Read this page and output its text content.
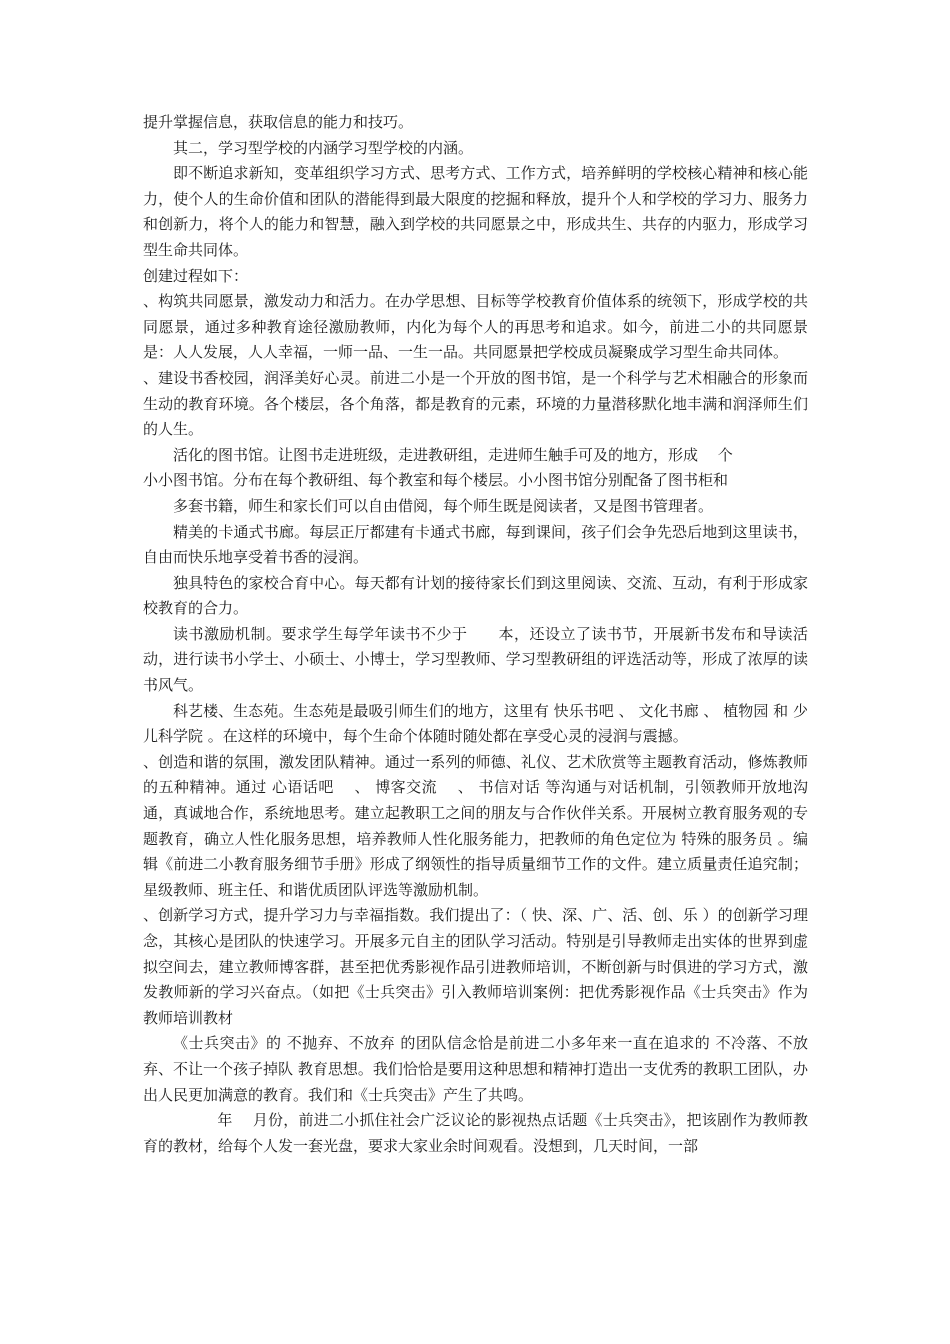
提升掌握信息，获取信息的能力和技巧。

其二，学习型学校的内涵学习型学校的内涵。

即不断追求新知，变革组织学习方式、思考方式、工作方式，培养鲜明的学校核心精神和核心能力，使个人的生命价值和团队的潜能得到最大限度的挖掘和释放，提升个人和学校的学习力、服务力和创新力，将个人的能力和智慧，融入到学校的共同愿景之中，形成共生、共存的内驱力，形成学习型生命共同体。

创建过程如下：

、构筑共同愿景，激发动力和活力。在办学思想、目标等学校教育价值体系的统领下，形成学校的共同愿景，通过多种教育途径激励教师，内化为每个人的再思考和追求。如今，前进二小的共同愿景是：人人发展，人人幸福，一师一品、一生一品。共同愿景把学校成员凝聚成学习型生命共同体。

、建设书香校园，润泽美好心灵。前进二小是一个开放的图书馆，是一个科学与艺术相融合的形象而生动的教育环境。各个楼层，各个角落，都是教育的元素，环境的力量潜移默化地丰满和润泽师生们的人生。

活化的图书馆。让图书走进班级，走进教研组，走进师生触手可及的地方，形成　 个

小小图书馆。分布在每个教研组、每个教室和每个楼层。小小图书馆分别配备了图书柜和

多套书籍，师生和家长们可以自由借阅，每个师生既是阅读者，又是图书管理者。

精美的卡通式书廊。每层正厅都建有卡通式书廊，每到课间，孩子们会争先恐后地到这里读书，自由而快乐地享受着书香的浸润。

独具特色的家校合育中心。每天都有计划的接待家长们到这里阅读、交流、互动，有利于形成家校教育的合力。

读书激励机制。要求学生每学年读书不少于　　本，还设立了读书节，开展新书发布和导读活动，进行读书小学士、小硕士、小博士，学习型教师、学习型教研组的评选活动等，形成了浓厚的读书风气。

科艺楼、生态苑。生态苑是最吸引师生们的地方，这里有 快乐书吧 、 文化书廊 、 植物园 和 少儿科学院 。在这样的环境中，每个生命个体随时随处都在享受心灵的浸润与震撼。

、创造和谐的氛围，激发团队精神。通过一系列的师德、礼仪、艺术欣赏等主题教育活动，修炼教师的五种精神。通过 心语话吧　 、 博客交流　 、 书信对话 等沟通与对话机制，引领教师开放地沟通，真诚地合作，系统地思考。建立起教职工之间的朋友与合作伙伴关系。开展树立教育服务观的专题教育，确立人性化服务思想，培养教师人性化服务能力，把教师的角色定位为 特殊的服务员 。编辑《前进二小教育服务细节手册》形成了纲领性的指导质量细节工作的文件。建立质量责任追究制；星级教师、班主任、和谐优质团队评选等激励机制。

、创新学习方式，提升学习力与幸福指数。我们提出了：（ 快、深、广、活、创、乐 ）的创新学习理念，其核心是团队的快速学习。开展多元自主的团队学习活动。特别是引导教师走出实体的世界到虚拟空间去，建立教师博客群，甚至把优秀影视作品引进教师培训，不断创新与时俱进的学习方式，激发教师新的学习兴奋点。（如把《士兵突击》引入教师培训案例：把优秀影视作品《士兵突击》作为教师培训教材

《士兵突击》的 不抛弃、不放弃 的团队信念恰是前进二小多年来一直在追求的 不冷落、不放弃、不让一个孩子掉队 教育思想。我们恰恰是要用这种思想和精神打造出一支优秀的教职工团队，办出人民更加满意的教育。我们和《士兵突击》产生了共鸣。

　　年　 月份，前进二小抓住社会广泛议论的影视热点话题《士兵突击》，把该剧作为教师教育的教材，给每个人发一套光盘，要求大家业余时间观看。没想到，几天时间，一部
